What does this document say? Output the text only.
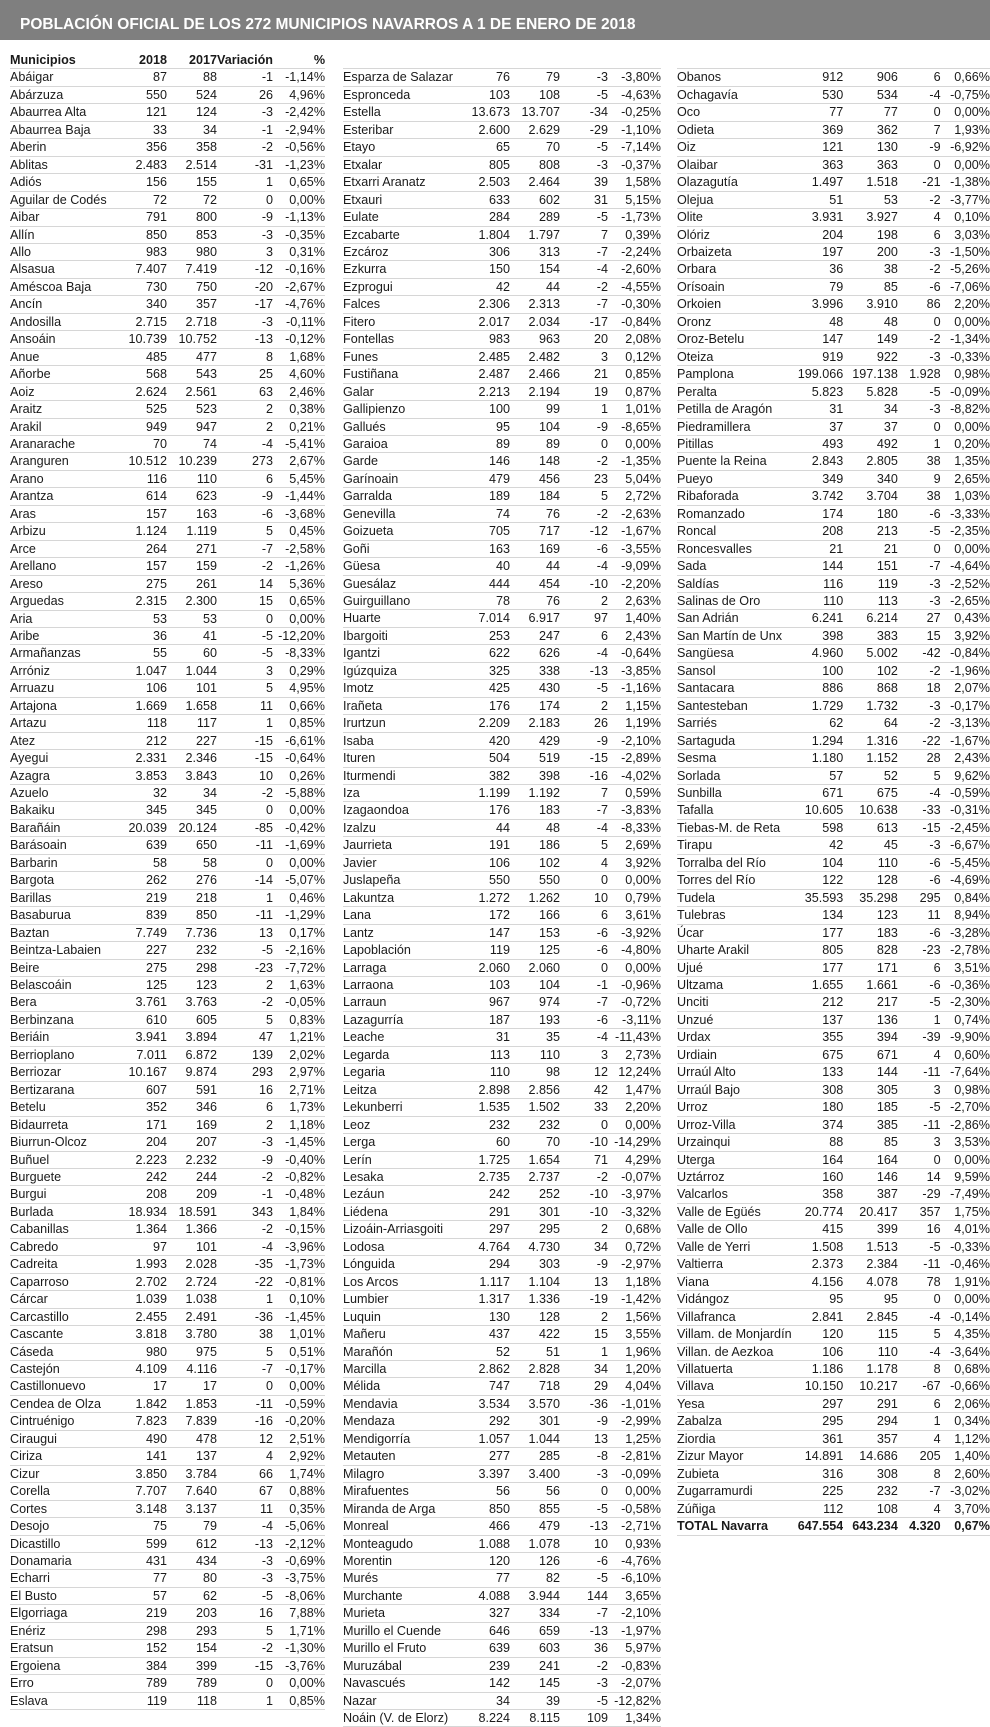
POBLACIÓN OFICIAL DE LOS 272 MUNICIPIOS NAVARROS A 1 DE ENERO DE 2018
Municipios	2018	2017	Variación	%
Abáigar	87	88	-1	-1,14%
Abárzuza	550	524	26	4,96%
Abaurrea Alta	121	124	-3	-2,42%
Abaurrea Baja	33	34	-1	-2,94%
Aberin	356	358	-2	-0,56%
Ablitas	2.483	2.514	-31	-1,23%
Adiós	156	155	1	0,65%
Aguilar de Codés	72	72	0	0,00%
Aibar	791	800	-9	-1,13%
Allín	850	853	-3	-0,35%
Allo	983	980	3	0,31%
Alsasua	7.407	7.419	-12	-0,16%
Améscoa Baja	730	750	-20	-2,67%
Ancín	340	357	-17	-4,76%
Andosilla	2.715	2.718	-3	-0,11%
Ansoáin	10.739	10.752	-13	-0,12%
Anue	485	477	8	1,68%
Añorbe	568	543	25	4,60%
Aoiz	2.624	2.561	63	2,46%
Araitz	525	523	2	0,38%
Arakil	949	947	2	0,21%
Aranarache	70	74	-4	-5,41%
Aranguren	10.512	10.239	273	2,67%
Arano	116	110	6	5,45%
Arantza	614	623	-9	-1,44%
Aras	157	163	-6	-3,68%
Arbizu	1.124	1.119	5	0,45%
Arce	264	271	-7	-2,58%
Arellano	157	159	-2	-1,26%
Areso	275	261	14	5,36%
Arguedas	2.315	2.300	15	0,65%
Aria	53	53	0	0,00%
Aribe	36	41	-5	-12,20%
Armañanzas	55	60	-5	-8,33%
Arróniz	1.047	1.044	3	0,29%
Arruazu	106	101	5	4,95%
Artajona	1.669	1.658	11	0,66%
Artazu	118	117	1	0,85%
Atez	212	227	-15	-6,61%
Ayegui	2.331	2.346	-15	-0,64%
Azagra	3.853	3.843	10	0,26%
Azuelo	32	34	-2	-5,88%
Bakaiku	345	345	0	0,00%
Barañáin	20.039	20.124	-85	-0,42%
Barásoain	639	650	-11	-1,69%
Barbarin	58	58	0	0,00%
Bargota	262	276	-14	-5,07%
Barillas	219	218	1	0,46%
Basaburua	839	850	-11	-1,29%
Baztan	7.749	7.736	13	0,17%
Beintza-Labaien	227	232	-5	-2,16%
Beire	275	298	-23	-7,72%
Belascoáin	125	123	2	1,63%
Bera	3.761	3.763	-2	-0,05%
Berbinzana	610	605	5	0,83%
Beriáin	3.941	3.894	47	1,21%
Berrioplano	7.011	6.872	139	2,02%
Berriozar	10.167	9.874	293	2,97%
Bertizarana	607	591	16	2,71%
Betelu	352	346	6	1,73%
Bidaurreta	171	169	2	1,18%
Biurrun-Olcoz	204	207	-3	-1,45%
Buñuel	2.223	2.232	-9	-0,40%
Burguete	242	244	-2	-0,82%
Burgui	208	209	-1	-0,48%
Burlada	18.934	18.591	343	1,84%
Cabanillas	1.364	1.366	-2	-0,15%
Cabredo	97	101	-4	-3,96%
Cadreita	1.993	2.028	-35	-1,73%
Caparroso	2.702	2.724	-22	-0,81%
Cárcar	1.039	1.038	1	0,10%
Carcastillo	2.455	2.491	-36	-1,45%
Cascante	3.818	3.780	38	1,01%
Cáseda	980	975	5	0,51%
Castejón	4.109	4.116	-7	-0,17%
Castillonuevo	17	17	0	0,00%
Cendea de Olza	1.842	1.853	-11	-0,59%
Cintruénigo	7.823	7.839	-16	-0,20%
Ciraugui	490	478	12	2,51%
Ciriza	141	137	4	2,92%
Cizur	3.850	3.784	66	1,74%
Corella	7.707	7.640	67	0,88%
Cortes	3.148	3.137	11	0,35%
Desojo	75	79	-4	-5,06%
Dicastillo	599	612	-13	-2,12%
Donamaria	431	434	-3	-0,69%
Echarri	77	80	-3	-3,75%
El Busto	57	62	-5	-8,06%
Elgorriaga	219	203	16	7,88%
Enériz	298	293	5	1,71%
Eratsun	152	154	-2	-1,30%
Ergoiena	384	399	-15	-3,76%
Erro	789	789	0	0,00%
Eslava	119	118	1	0,85%

Esparza de Salazar	76	79	-3	-3,80%
Espronceda	103	108	-5	-4,63%
Estella	13.673	13.707	-34	-0,25%
Esteribar	2.600	2.629	-29	-1,10%
Etayo	65	70	-5	-7,14%
Etxalar	805	808	-3	-0,37%
Etxarri Aranatz	2.503	2.464	39	1,58%
Etxauri	633	602	31	5,15%
Eulate	284	289	-5	-1,73%
Ezcabarte	1.804	1.797	7	0,39%
Ezcároz	306	313	-7	-2,24%
Ezkurra	150	154	-4	-2,60%
Ezprogui	42	44	-2	-4,55%
Falces	2.306	2.313	-7	-0,30%
Fitero	2.017	2.034	-17	-0,84%
Fontellas	983	963	20	2,08%
Funes	2.485	2.482	3	0,12%
Fustiñana	2.487	2.466	21	0,85%
Galar	2.213	2.194	19	0,87%
Gallipienzo	100	99	1	1,01%
Gallués	95	104	-9	-8,65%
Garaioa	89	89	0	0,00%
Garde	146	148	-2	-1,35%
Garínoain	479	456	23	5,04%
Garralda	189	184	5	2,72%
Genevilla	74	76	-2	-2,63%
Goizueta	705	717	-12	-1,67%
Goñi	163	169	-6	-3,55%
Güesa	40	44	-4	-9,09%
Guesálaz	444	454	-10	-2,20%
Guirguillano	78	76	2	2,63%
Huarte	7.014	6.917	97	1,40%
Ibargoiti	253	247	6	2,43%
Igantzi	622	626	-4	-0,64%
Igúzquiza	325	338	-13	-3,85%
Imotz	425	430	-5	-1,16%
Irañeta	176	174	2	1,15%
Irurtzun	2.209	2.183	26	1,19%
Isaba	420	429	-9	-2,10%
Ituren	504	519	-15	-2,89%
Iturmendi	382	398	-16	-4,02%
Iza	1.199	1.192	7	0,59%
Izagaondoa	176	183	-7	-3,83%
Izalzu	44	48	-4	-8,33%
Jaurrieta	191	186	5	2,69%
Javier	106	102	4	3,92%
Juslapeña	550	550	0	0,00%
Lakuntza	1.272	1.262	10	0,79%
Lana	172	166	6	3,61%
Lantz	147	153	-6	-3,92%
Lapoblación	119	125	-6	-4,80%
Larraga	2.060	2.060	0	0,00%
Larraona	103	104	-1	-0,96%
Larraun	967	974	-7	-0,72%
Lazagurría	187	193	-6	-3,11%
Leache	31	35	-4	-11,43%
Legarda	113	110	3	2,73%
Legaria	110	98	12	12,24%
Leitza	2.898	2.856	42	1,47%
Lekunberri	1.535	1.502	33	2,20%
Leoz	232	232	0	0,00%
Lerga	60	70	-10	-14,29%
Lerín	1.725	1.654	71	4,29%
Lesaka	2.735	2.737	-2	-0,07%
Lezáun	242	252	-10	-3,97%
Liédena	291	301	-10	-3,32%
Lizoáin-Arriasgoiti	297	295	2	0,68%
Lodosa	4.764	4.730	34	0,72%
Lónguida	294	303	-9	-2,97%
Los Arcos	1.117	1.104	13	1,18%
Lumbier	1.317	1.336	-19	-1,42%
Luquin	130	128	2	1,56%
Mañeru	437	422	15	3,55%
Marañón	52	51	1	1,96%
Marcilla	2.862	2.828	34	1,20%
Mélida	747	718	29	4,04%
Mendavia	3.534	3.570	-36	-1,01%
Mendaza	292	301	-9	-2,99%
Mendigorría	1.057	1.044	13	1,25%
Metauten	277	285	-8	-2,81%
Milagro	3.397	3.400	-3	-0,09%
Mirafuentes	56	56	0	0,00%
Miranda de Arga	850	855	-5	-0,58%
Monreal	466	479	-13	-2,71%
Monteagudo	1.088	1.078	10	0,93%
Morentin	120	126	-6	-4,76%
Murés	77	82	-5	-6,10%
Murchante	4.088	3.944	144	3,65%
Murieta	327	334	-7	-2,10%
Murillo el Cuende	646	659	-13	-1,97%
Murillo el Fruto	639	603	36	5,97%
Muruzábal	239	241	-2	-0,83%
Navascués	142	145	-3	-2,07%
Nazar	34	39	-5	-12,82%
Noáin (V. de Elorz)	8.224	8.115	109	1,34%

Obanos	912	906	6	0,66%
Ochagavía	530	534	-4	-0,75%
Oco	77	77	0	0,00%
Odieta	369	362	7	1,93%
Oiz	121	130	-9	-6,92%
Olaibar	363	363	0	0,00%
Olazagutía	1.497	1.518	-21	-1,38%
Olejua	51	53	-2	-3,77%
Olite	3.931	3.927	4	0,10%
Olóriz	204	198	6	3,03%
Orbaizeta	197	200	-3	-1,50%
Orbara	36	38	-2	-5,26%
Orísoain	79	85	-6	-7,06%
Orkoien	3.996	3.910	86	2,20%
Oronz	48	48	0	0,00%
Oroz-Betelu	147	149	-2	-1,34%
Oteiza	919	922	-3	-0,33%
Pamplona	199.066	197.138	1.928	0,98%
Peralta	5.823	5.828	-5	-0,09%
Petilla de Aragón	31	34	-3	-8,82%
Piedramillera	37	37	0	0,00%
Pitillas	493	492	1	0,20%
Puente la Reina	2.843	2.805	38	1,35%
Pueyo	349	340	9	2,65%
Ribaforada	3.742	3.704	38	1,03%
Romanzado	174	180	-6	-3,33%
Roncal	208	213	-5	-2,35%
Roncesvalles	21	21	0	0,00%
Sada	144	151	-7	-4,64%
Saldías	116	119	-3	-2,52%
Salinas de Oro	110	113	-3	-2,65%
San Adrián	6.241	6.214	27	0,43%
San Martín de Unx	398	383	15	3,92%
Sangüesa	4.960	5.002	-42	-0,84%
Sansol	100	102	-2	-1,96%
Santacara	886	868	18	2,07%
Santesteban	1.729	1.732	-3	-0,17%
Sarriés	62	64	-2	-3,13%
Sartaguda	1.294	1.316	-22	-1,67%
Sesma	1.180	1.152	28	2,43%
Sorlada	57	52	5	9,62%
Sunbilla	671	675	-4	-0,59%
Tafalla	10.605	10.638	-33	-0,31%
Tiebas-M. de Reta	598	613	-15	-2,45%
Tirapu	42	45	-3	-6,67%
Torralba del Río	104	110	-6	-5,45%
Torres del Río	122	128	-6	-4,69%
Tudela	35.593	35.298	295	0,84%
Tulebras	134	123	11	8,94%
Úcar	177	183	-6	-3,28%
Uharte Arakil	805	828	-23	-2,78%
Ujué	177	171	6	3,51%
Ultzama	1.655	1.661	-6	-0,36%
Unciti	212	217	-5	-2,30%
Unzué	137	136	1	0,74%
Urdax	355	394	-39	-9,90%
Urdiain	675	671	4	0,60%
Urraúl Alto	133	144	-11	-7,64%
Urraúl Bajo	308	305	3	0,98%
Urroz	180	185	-5	-2,70%
Urroz-Villa	374	385	-11	-2,86%
Urzainqui	88	85	3	3,53%
Uterga	164	164	0	0,00%
Uztárroz	160	146	14	9,59%
Valcarlos	358	387	-29	-7,49%
Valle de Egüés	20.774	20.417	357	1,75%
Valle de Ollo	415	399	16	4,01%
Valle de Yerri	1.508	1.513	-5	-0,33%
Valtierra	2.373	2.384	-11	-0,46%
Viana	4.156	4.078	78	1,91%
Vidángoz	95	95	0	0,00%
Villafranca	2.841	2.845	-4	-0,14%
Villam. de Monjardín	120	115	5	4,35%
Villan. de Aezkoa	106	110	-4	-3,64%
Villatuerta	1.186	1.178	8	0,68%
Villava	10.150	10.217	-67	-0,66%
Yesa	297	291	6	2,06%
Zabalza	295	294	1	0,34%
Ziordia	361	357	4	1,12%
Zizur Mayor	14.891	14.686	205	1,40%
Zubieta	316	308	8	2,60%
Zugarramurdi	225	232	-7	-3,02%
Zúñiga	112	108	4	3,70%
TOTAL Navarra	647.554	643.234	4.320	0,67%
